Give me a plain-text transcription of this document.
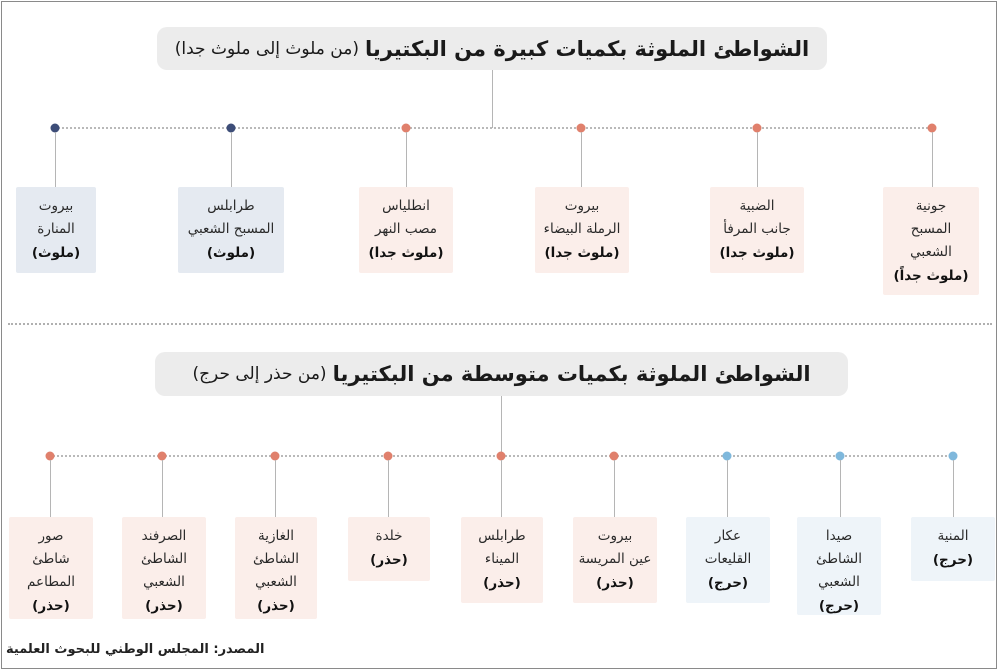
الشواطئ الملوثة بكميات كبيرة من البكتيريا
(من ملوث إلى ملوث جدا)
جونية
المسبح
الشعبي
(ملوث جداً)
الضبية
جانب المرفأ
(ملوث جدا)
بيروت
الرملة البيضاء
(ملوث جدا)
انطلياس
مصب النهر
(ملوث جدا)
طرابلس
المسبح الشعبي
(ملوث)
بيروت
المنارة
(ملوث)
الشواطئ الملوثة بكميات متوسطة من البكتيريا
(من حذر إلى حرج)
المنية
(حرج)
صيدا
الشاطئ
الشعبي
(حرج)
عكار
القليعات
(حرج)
بيروت
عين المريسة
(حذر)
طرابلس
الميناء
(حذر)
خلدة
(حذر)
الغازية
الشاطئ
الشعبي
(حذر)
الصرفند
الشاطئ
الشعبي
(حذر)
صور
شاطئ
المطاعم
(حذر)
المصدر: المجلس الوطني للبحوث العلمية
